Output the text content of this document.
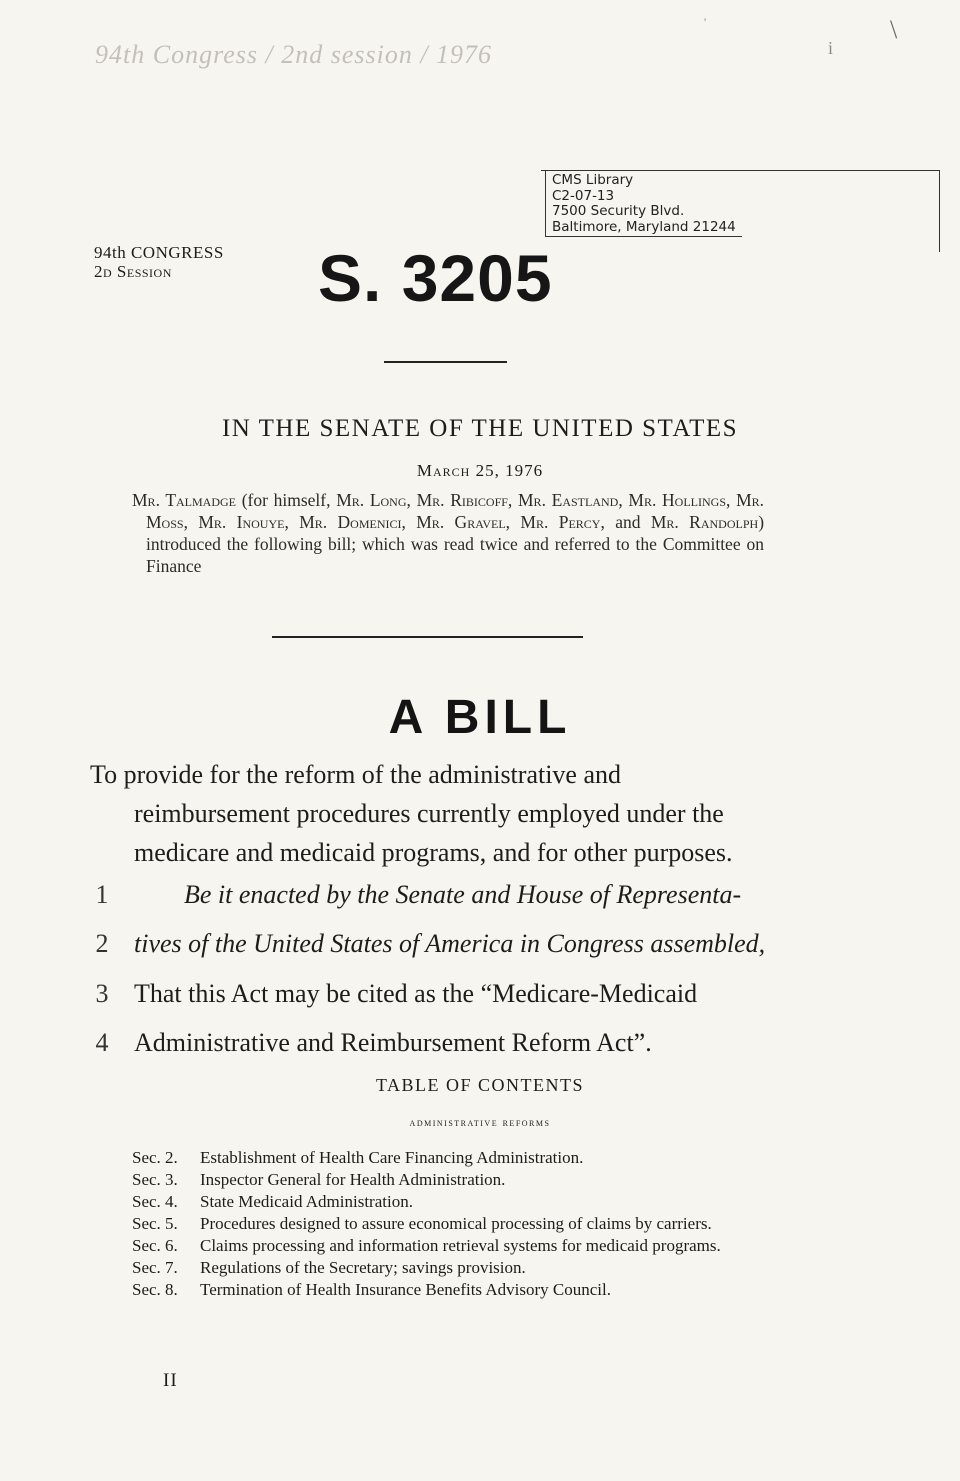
94th Congress / 2nd session / 1976
\
i
'
CMS Library
C2-07-13
7500 Security Blvd.
Baltimore, Maryland 21244
94th CONGRESS
2d Session	S. 3205
IN THE SENATE OF THE UNITED STATES
March 25, 1976
Mr. Talmadge (for himself, Mr. Long, Mr. Ribicoff, Mr. Eastland, Mr. Hollings, Mr. Moss, Mr. Inouye, Mr. Domenici, Mr. Gravel, Mr. Percy, and Mr. Randolph) introduced the following bill; which was read twice and referred to the Committee on Finance
A BILL
To provide for the reform of the administrative and reimbursement procedures currently employed under the medicare and medicaid programs, and for other purposes.
1	Be it enacted by the Senate and House of Representa-
2 tives of the United States of America in Congress assembled,
3 That this Act may be cited as the “Medicare-Medicaid
4 Administrative and Reimbursement Reform Act”.
TABLE OF CONTENTS
administrative reforms
Sec. 2.	Establishment of Health Care Financing Administration.
Sec. 3.	Inspector General for Health Administration.
Sec. 4.	State Medicaid Administration.
Sec. 5.	Procedures designed to assure economical processing of claims by carriers.
Sec. 6.	Claims processing and information retrieval systems for medicaid programs.
Sec. 7.	Regulations of the Secretary; savings provision.
Sec. 8.	Termination of Health Insurance Benefits Advisory Council.
II
